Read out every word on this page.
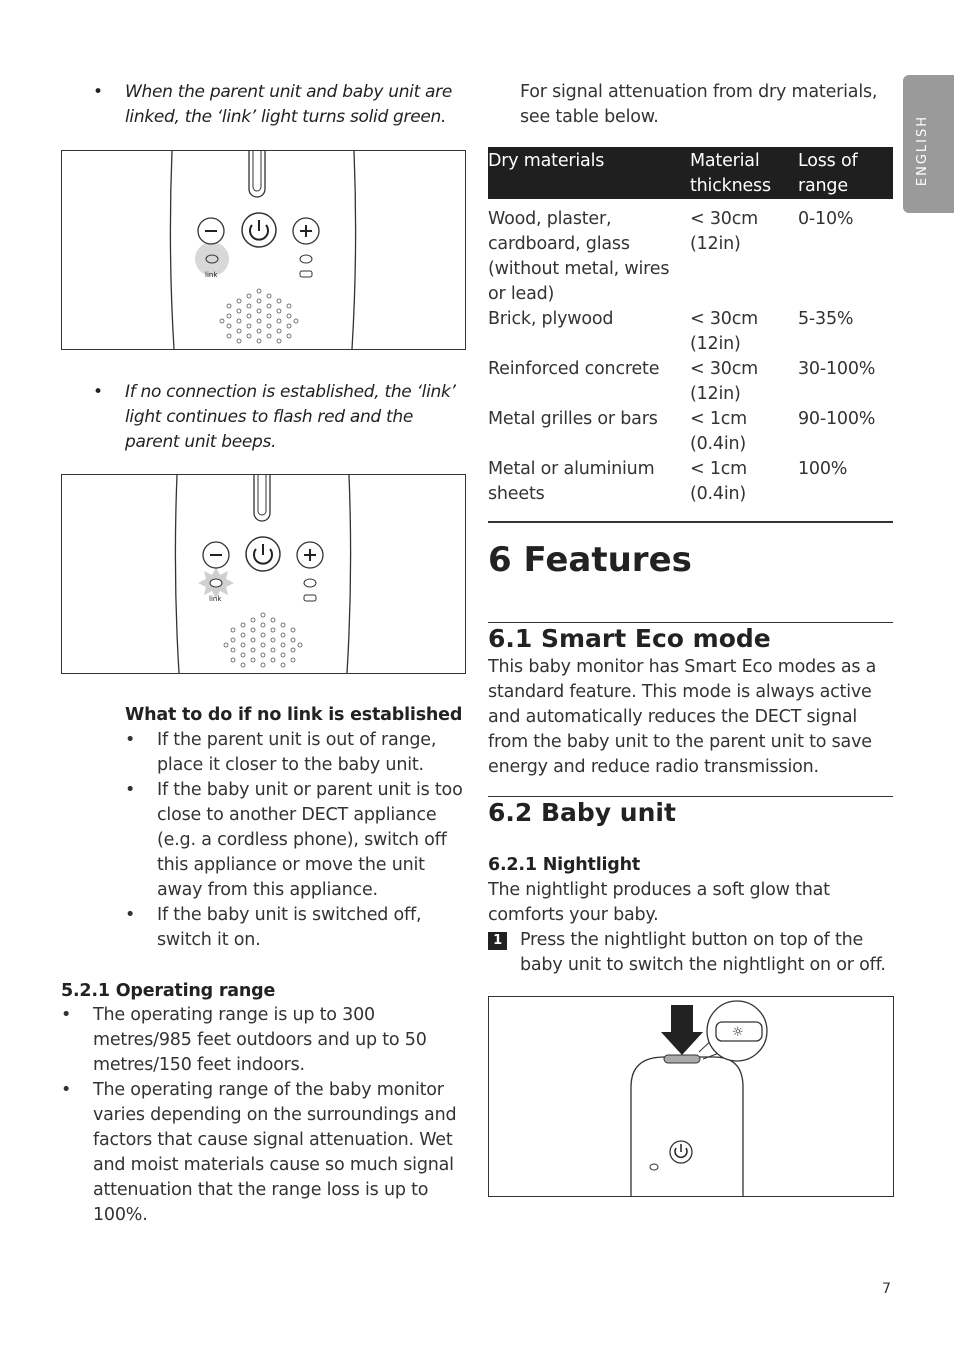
ENGLISH
• When the parent unit and baby unit are linked, the ‘link’ light turns solid green.
link
• If no connection is established, the ‘link’ light continues to flash red and the parent unit beeps.
link
What to do if no link is established
• If the parent unit is out of range, place it closer to the baby unit.
• If the baby unit or parent unit is too close to another DECT appliance (e.g. a cordless phone), switch off this appliance or move the unit away from this appliance.
• If the baby unit is switched off, switch it on.
5.2.1 Operating range
• The operating range is up to 300 metres/985 feet outdoors and up to 50 metres/150 feet indoors.
• The operating range of the baby monitor varies depending on the surroundings and factors that cause signal attenuation. Wet and moist materials cause so much signal attenuation that the range loss is up to 100%.
For signal attenuation from dry materials, see table below.
Dry materials	Material thickness	Loss of range

Wood, plaster, cardboard, glass (without metal, wires or lead)	< 30cm (12in)	0-10%
Brick, plywood	< 30cm (12in)	5-35%
Reinforced concrete	< 30cm (12in)	30-100%
Metal grilles or bars	< 1cm (0.4in)	90-100%
Metal or aluminium sheets	< 1cm (0.4in)	100%
6 Features
6.1 Smart Eco mode
This baby monitor has Smart Eco modes as a standard feature. This mode is always active and automatically reduces the DECT signal from the baby unit to the parent unit to save energy and reduce radio transmission.
6.2 Baby unit
6.2.1 Nightlight
The nightlight produces a soft glow that comforts your baby.
1 Press the nightlight button on top of the baby unit to switch the nightlight on or off.
☼
7
